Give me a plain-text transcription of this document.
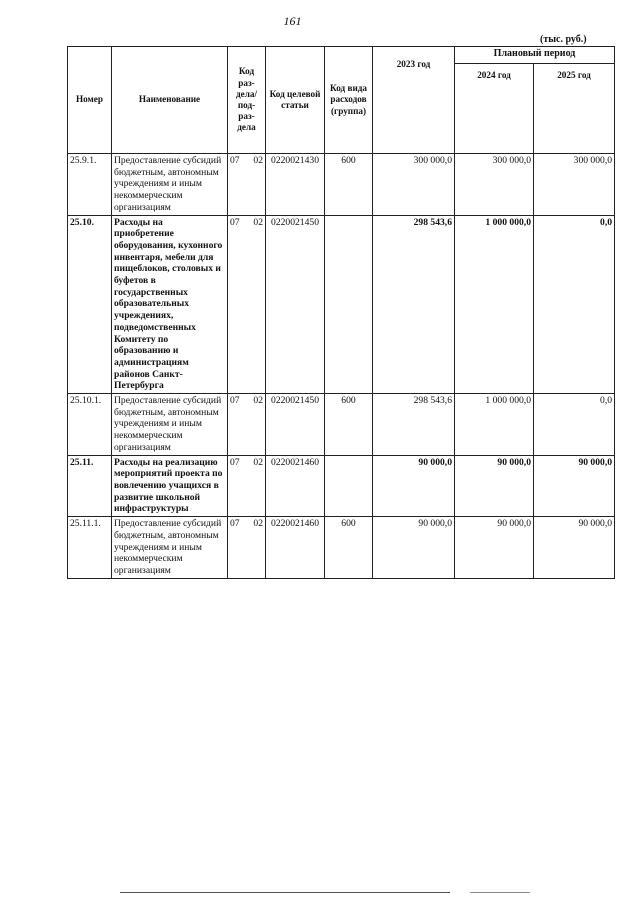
161
(тыс. руб.)
Номер	Наименование	Код раз-дела/ под-раз-дела	Код целевой статьи	Код вида расходов (группа)	2023 год	Плановый период	
						2024 год	2025 год
25.9.1.	Предоставление субсидий бюджетным, автономным учреждениям и иным некоммерческим организациям	07 02	0220021430	600	300 000,0	300 000,0	300 000,0
25.10.	Расходы на приобретение оборудования, кухонного инвентаря, мебели для пищеблоков, столовых и буфетов в государственных образовательных учреждениях, подведомственных Комитету по образованию и администрациям районов Санкт-Петербурга	07 02	0220021450		298 543,6	1 000 000,0	0,0
25.10.1.	Предоставление субсидий бюджетным, автономным учреждениям и иным некоммерческим организациям	07 02	0220021450	600	298 543,6	1 000 000,0	0,0
25.11.	Расходы на реализацию мероприятий проекта по вовлечению учащихся в развитие школьной инфраструктуры	07 02	0220021460		90 000,0	90 000,0	90 000,0
25.11.1.	Предоставление субсидий бюджетным, автономным учреждениям и иным некоммерческим организациям	07 02	0220021460	600	90 000,0	90 000,0	90 000,0
